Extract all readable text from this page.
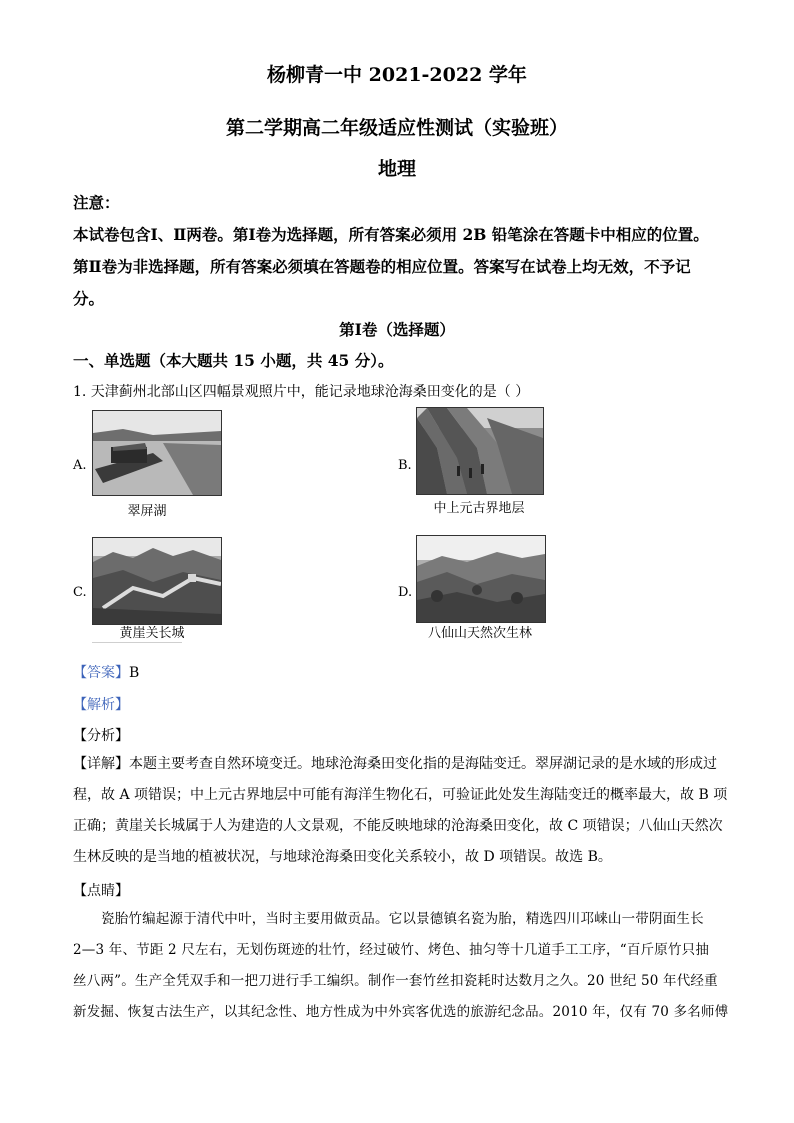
杨柳青一中 2021-2022 学年
第二学期高二年级适应性测试（实验班）
地理
注意：
本试卷包含Ⅰ、Ⅱ两卷。第Ⅰ卷为选择题，所有答案必须用 2B 铅笔涂在答题卡中相应的位置。
第Ⅱ卷为非选择题，所有答案必须填在答题卷的相应位置。答案写在试卷上均无效，不予记
分。
第Ⅰ卷（选择题）
一、单选题（本大题共 15 小题，共 45 分）。
1. 天津蓟州北部山区四幅景观照片中，能记录地球沧海桑田变化的是（ ）
A.
翠屏湖
B.
中上元古界地层
C.
黄崖关长城
D.
八仙山天然次生林
【答案】B
【解析】
【分析】
【详解】本题主要考查自然环境变迁。地球沧海桑田变化指的是海陆变迁。翠屏湖记录的是水域的形成过
程，故 A 项错误；中上元古界地层中可能有海洋生物化石，可验证此处发生海陆变迁的概率最大，故 B 项
正确；黄崖关长城属于人为建造的人文景观，不能反映地球的沧海桑田变化，故 C 项错误；八仙山天然次
生林反映的是当地的植被状况，与地球沧海桑田变化关系较小，故 D 项错误。故选 B。
【点睛】
瓷胎竹编起源于清代中叶，当时主要用做贡品。它以景德镇名瓷为胎，精选四川邛崃山一带阴面生长
2—3 年、节距 2 尺左右，无划伤斑迹的壮竹，经过破竹、烤色、抽匀等十几道手工工序，“百斤原竹只抽
丝八两”。生产全凭双手和一把刀进行手工编织。制作一套竹丝扣瓷耗时达数月之久。20 世纪 50 年代经重
新发掘、恢复古法生产，以其纪念性、地方性成为中外宾客优选的旅游纪念品。2010 年，仅有 70 多名师傅
